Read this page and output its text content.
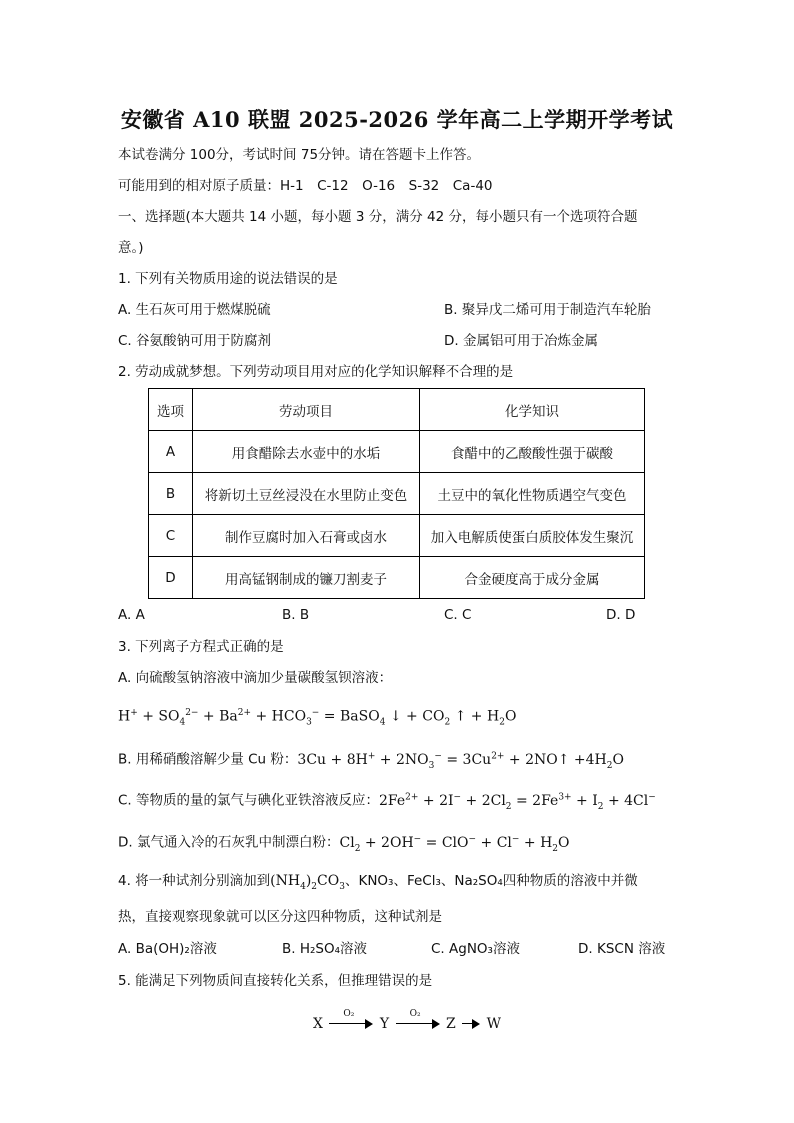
安徽省 A10 联盟 2025-2026 学年高二上学期开学考试
本试卷满分 100分，考试时间 75分钟。请在答题卡上作答。
可能用到的相对原子质量：H-1　C-12　O-16　S-32　Ca-40
一、选择题(本大题共 14 小题，每小题 3 分，满分 42 分，每小题只有一个选项符合题
意。)
1. 下列有关物质用途的说法错误的是
A. 生石灰可用于燃煤脱硫	B. 聚异戊二烯可用于制造汽车轮胎
C. 谷氨酸钠可用于防腐剂	D. 金属铝可用于冶炼金属
2. 劳动成就梦想。下列劳动项目用对应的化学知识解释不合理的是
选项	劳动项目	化学知识
A	用食醋除去水壶中的水垢	食醋中的乙酸酸性强于碳酸
B	将新切土豆丝浸没在水里防止变色	土豆中的氧化性物质遇空气变色
C	制作豆腐时加入石膏或卤水	加入电解质使蛋白质胶体发生聚沉
D	用高锰钢制成的镰刀割麦子	合金硬度高于成分金属
A. A	B. B	C. C	D. D
3. 下列离子方程式正确的是
A. 向硫酸氢钠溶液中滴加少量碳酸氢钡溶液：
$H^+ + SO_4^{2-} + Ba^{2+} + HCO_3^-$ = BaSO$_4$ ↓ + $CO_2$ ↑ + $H_2O$
B. 用稀硝酸溶解少量 Cu 粉：$3Cu + 8H^+ + 2NO_3^- = 3Cu^{2+}$ + 2NO↑ $+4H_2O$
C. 等物质的量的氯气与碘化亚铁溶液反应：$2Fe^{2+} + 2I^- + 2Cl_2 = 2Fe^{3+} + I_2 + 4Cl^-$
D. 氯气通入冷的石灰乳中制漂白粉：$Cl_2 + 2OH^- = ClO^- + Cl^- + H_2O$
4. 将一种试剂分别滴加到$(NH_4)_2CO_3$、KNO₃、FeCl₃、Na₂SO₄四种物质的溶液中并微
热，直接观察现象就可以区分这四种物质，这种试剂是
A. Ba(OH)₂溶液	B. H₂SO₄溶液	C. AgNO₃溶液	D. KSCN 溶液
5. 能满足下列物质间直接转化关系，但推理错误的是
X
O₂
Y
O₂
Z W
